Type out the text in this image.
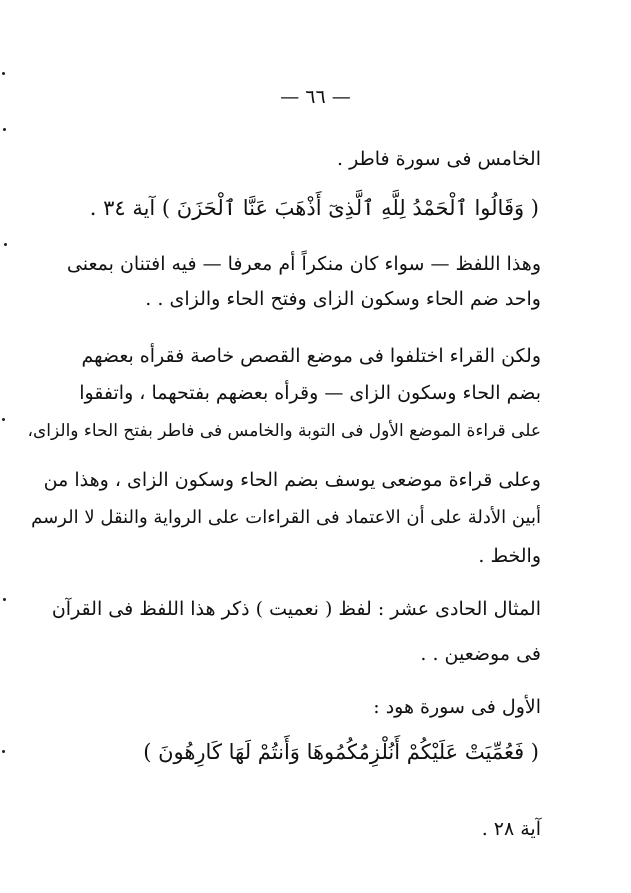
— ٦٦ —
الخامس فى سورة فاطر .
( وَقَالُوا ٱلْحَمْدُ لِلَّهِ ٱلَّذِىٓ أَذْهَبَ عَنَّا ٱلْحَزَنَ ) آية ٣٤ .
وهذا اللفظ — سواء كان منكراً أم معرفا — فيه افتنان بمعنى
واحد ضم الحاء وسكون الزاى وفتح الحاء والزاى . .
ولكن القراء اختلفوا فى موضع القصص خاصة فقرأه بعضهم
بضم الحاء وسكون الزاى — وقرأه بعضهم بفتحهما ، واتفقوا
على قراءة الموضع الأول فى التوبة والخامس فى فاطر بفتح الحاء والزاى،
وعلى قراءة موضعى يوسف بضم الحاء وسكون الزاى ، وهذا من
أبين الأدلة على أن الاعتماد فى القراءات على الرواية والنقل لا الرسم
والخط .
المثال الحادى عشر : لفظ ( نعميت ) ذكر هذا اللفظ فى القرآن
فى موضعين . .
الأول فى سورة هود :
( فَعُمِّيَتْ عَلَيْكُمْ أَنُلْزِمُكُمُوهَا وَأَنتُمْ لَهَا كَارِهُونَ )
آية ٢٨ .
